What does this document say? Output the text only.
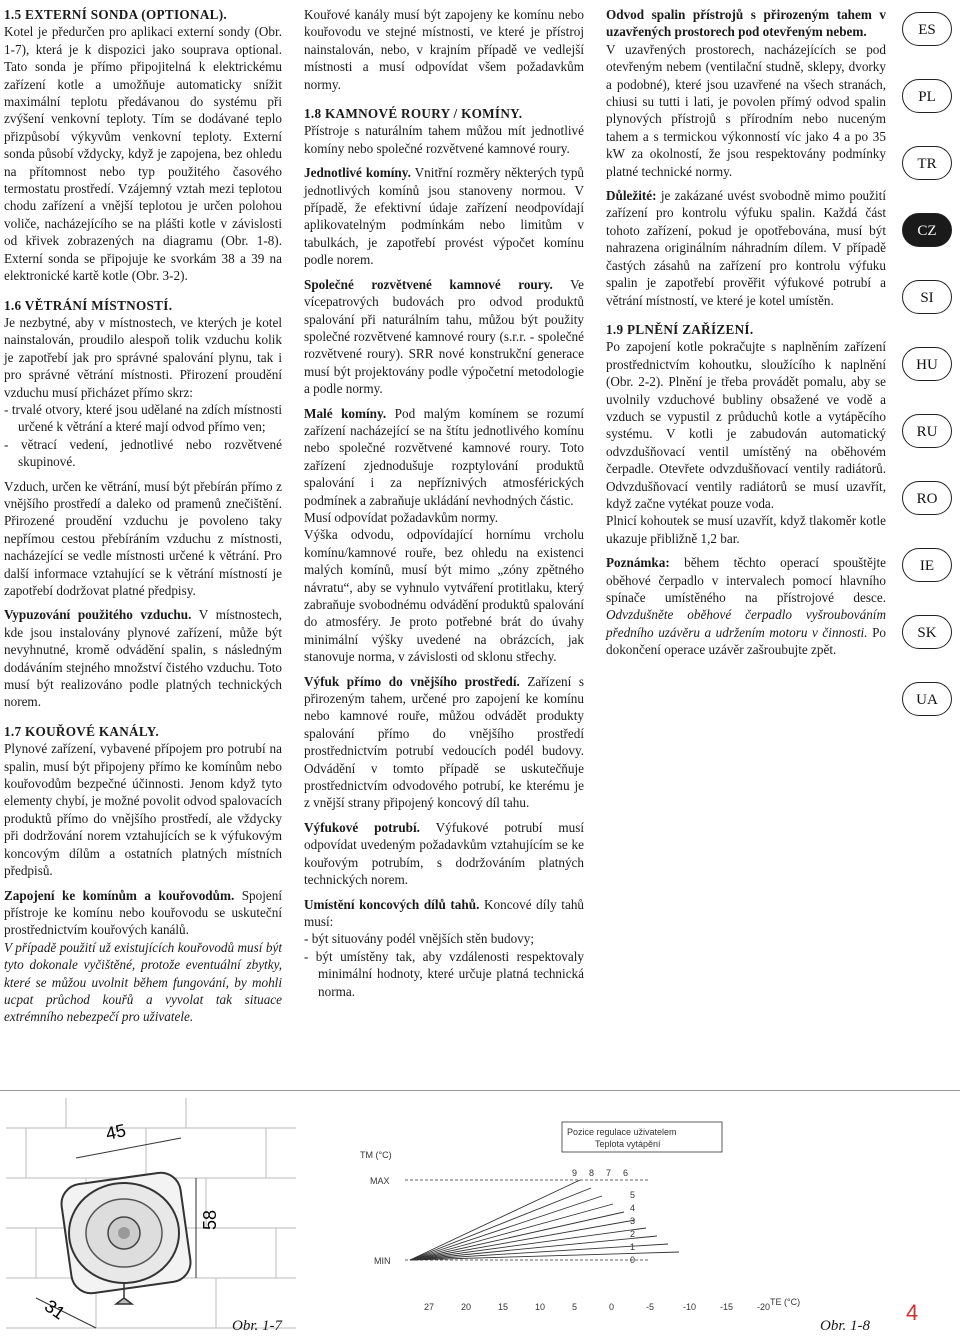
1.5 EXTERNÍ SONDA (OPTIONAL).

Kotel je předurčen pro aplikaci externí sondy (Obr. 1-7), která je k dispozici jako souprava optional. Tato sonda je přímo připojitelná k elektrickému zařízení kotle a umožňuje automaticky snížit maximální teplotu předávanou do systému při zvýšení venkovní teploty. Tím se dodávané teplo přizpůsobí výkyvům venkovní teploty. Externí sonda působí vždycky, když je zapojena, bez ohledu na přítomnost nebo typ použitého časového termostatu prostředí. Vzájemný vztah mezi teplotou chodu zařízení a vnější teplotou je určen polohou voliče, nacházejícího se na plášti kotle v závislosti od křivek zobrazených na diagramu (Obr. 1-8). Externí sonda se připojuje ke svorkám 38 a 39 na elektronické kartě kotle (Obr. 3-2).

1.6 VĚTRÁNÍ MÍSTNOSTÍ.

Je nezbytné, aby v místnostech, ve kterých je kotel nainstalován, proudilo alespoň tolik vzduchu kolik je zapotřebí jak pro správné spalování plynu, tak i pro správné větrání místnosti. Přirození proudění vzduchu musí přicházet přímo skrz:

- trvalé otvory, které jsou udělané na zdích místnosti určené k větrání a které mají odvod přímo ven;

- větrací vedení, jednotlivé nebo rozvětvené skupinové.

Vzduch, určen ke větrání, musí být přebírán přímo z vnějšího prostředí a daleko od pramenů znečištění. Přirozené proudění vzduchu je povoleno taky nepřímou cestou přebíráním vzduchu z místnosti, nacházející se vedle místnosti určené k větrání. Pro další informace vztahující se k větrání místností je zapotřebí dodržovat platné předpisy.

Vypuzování použitého vzduchu. V místnostech, kde jsou instalovány plynové zařízení, může být nevyhnutné, kromě odvádění spalin, s následným dodáváním stejného množství čistého vzduchu. Toto musí být realizováno podle platných technických norem.

1.7 KOUŘOVÉ KANÁLY.

Plynové zařízení, vybavené přípojem pro potrubí na spalin, musí být připojeny přímo ke komínům nebo kouřovodům bezpečné účinnosti. Jenom když tyto elementy chybí, je možné povolit odvod spalovacích produktů přímo do vnějšího prostředí, ale vždycky při dodržování norem vztahujících se k výfukovým koncovým dílům a ostatních platných místních předpisů.

Zapojení ke komínům a kouřovodům. Spojení přístroje ke komínu nebo kouřovodu se uskuteční prostřednictvím kouřových kanálů.

V případě použití už existujících kouřovodů musí být tyto dokonale vyčištěné, protože eventuální zbytky, které se můžou uvolnit během fungování, by mohli ucpat průchod kouřů a vyvolat tak situace extrémního nebezpečí pro uživatele.

Kouřové kanály musí být zapojeny ke komínu nebo kouřovodu ve stejné místnosti, ve které je přístroj nainstalován, nebo, v krajním případě ve vedlejší místnosti a musí odpovídat všem požadavkům normy.

1.8 KAMNOVÉ ROURY / KOMÍNY.

Přístroje s naturálním tahem můžou mít jednotlivé komíny nebo společné rozvětvené kamnové roury.

Jednotlivé komíny. Vnitřní rozměry některých typů jednotlivých komínů jsou stanoveny normou. V případě, že efektivní údaje zařízení neodpovídají aplikovatelným podmínkám nebo limitům v tabulkách, je zapotřebí provést výpočet komínu podle norem.

Společné rozvětvené kamnové roury. Ve vícepatrových budovách pro odvod produktů spalování při naturálním tahu, můžou být použity společné rozvětvené kamnové roury (s.r.r. - společné rozvětvené roury). SRR nové konstrukční generace musí být projektovány podle výpočetní metodologie a podle normy.

Malé komíny. Pod malým komínem se rozumí zařízení nacházející se na štítu jednotlivého komínu nebo společné rozvětvené kamnové roury. Toto zařízení zjednodušuje rozptylování produktů spalování i za nepříznivých atmosférických podmínek a zabraňuje ukládání nevhodných částic.

Musí odpovídat požadavkům normy.

Výška odvodu, odpovídající hornímu vrcholu komínu/kamnové rouře, bez ohledu na existenci malých komínů, musí být mimo „zóny zpětného návratu“, aby se vyhnulo vytváření protitlaku, který zabraňuje svobodnému odvádění produktů spalování do atmosféry. Je proto potřebné brát do úvahy minimální výšky uvedené na obrázcích, jak stanovuje norma, v závislosti od sklonu střechy.

Výfuk přímo do vnějšího prostředí. Zařízení s přirozeným tahem, určené pro zapojení ke komínu nebo kamnové rouře, můžou odvádět produkty spalování přímo do vnějšího prostředí prostřednictvím potrubí vedoucích podél budovy. Odvádění v tomto případě se uskutečňuje prostřednictvím odvodového potrubí, ke kterému je z vnější strany připojený koncový díl tahu.

Výfukové potrubí. Výfukové potrubí musí odpovídat uvedeným požadavkům vztahujícím se ke kouřovým potrubím, s dodržováním platných technických norem.

Umístění koncových dílů tahů. Koncové díly tahů musí:

- být situovány podél vnějších stěn budovy;

- být umístěny tak, aby vzdálenosti respektovaly minimální hodnoty, které určuje platná technická norma.

Odvod spalin přístrojů s přirozeným tahem v uzavřených prostorech pod otevřeným nebem.

V uzavřených prostorech, nacházejících se pod otevřeným nebem (ventilační studně, sklepy, dvorky a podobné), které jsou uzavřené na všech stranách, chiusi su tutti i lati, je povolen přímý odvod spalin plynových přístrojů s přírodním nebo nuceným tahem a s termickou výkonností víc jako 4 a po 35 kW za okolností, že jsou respektovány podmínky platné technické normy.

Důležité: je zakázané uvést svobodně mimo použití zařízení pro kontrolu výfuku spalin. Každá část tohoto zařízení, pokud je opotřebována, musí být nahrazena originálním náhradním dílem. V případě častých zásahů na zařízení pro kontrolu výfuku spalin je zapotřebí prověřit výfukové potrubí a větrání místností, ve které je kotel umístěn.

1.9 PLNĚNÍ ZAŘÍZENÍ.

Po zapojení kotle pokračujte s naplněním zařízení prostřednictvím kohoutku, sloužícího k naplnění (Obr. 2-2). Plnění je třeba provádět pomalu, aby se uvolnily vzduchové bubliny obsažené ve vodě a vzduch se vypustil z průduchů kotle a vytápěcího systému. V kotli je zabudován automatický odvzdušňovací ventil umístěný na oběhovém čerpadle. Otevřete odvzdušňovací ventily radiátorů. Odvzdušňovací ventily radiátorů se musí uzavřít, když začne vytékat pouze voda.

Plnicí kohoutek se musí uzavřít, když tlakoměr kotle ukazuje přibližně 1,2 bar.

Poznámka: během těchto operací spouštějte oběhové čerpadlo v intervalech pomocí hlavního spínače umístěného na přístrojové desce. Odvzdušněte oběhové čerpadlo vyšroubováním předního uzávěru a udržením motoru v činnosti. Po dokončení operace uzávěr zašroubujte zpět.

ES
PL
TR
CZ
SI
HU
RU
RO
IE
SK
UA
45
58
31
Obr. 1-7
Pozice regulace uživatelem
Teplota vytápění
TM (°C)
MAX
MIN
TE (°C)
9 8 7 6
5
4
3
2
1
0
27	20	15	10	5	0	-5	-10	-15	-20
Obr. 1-8
4
